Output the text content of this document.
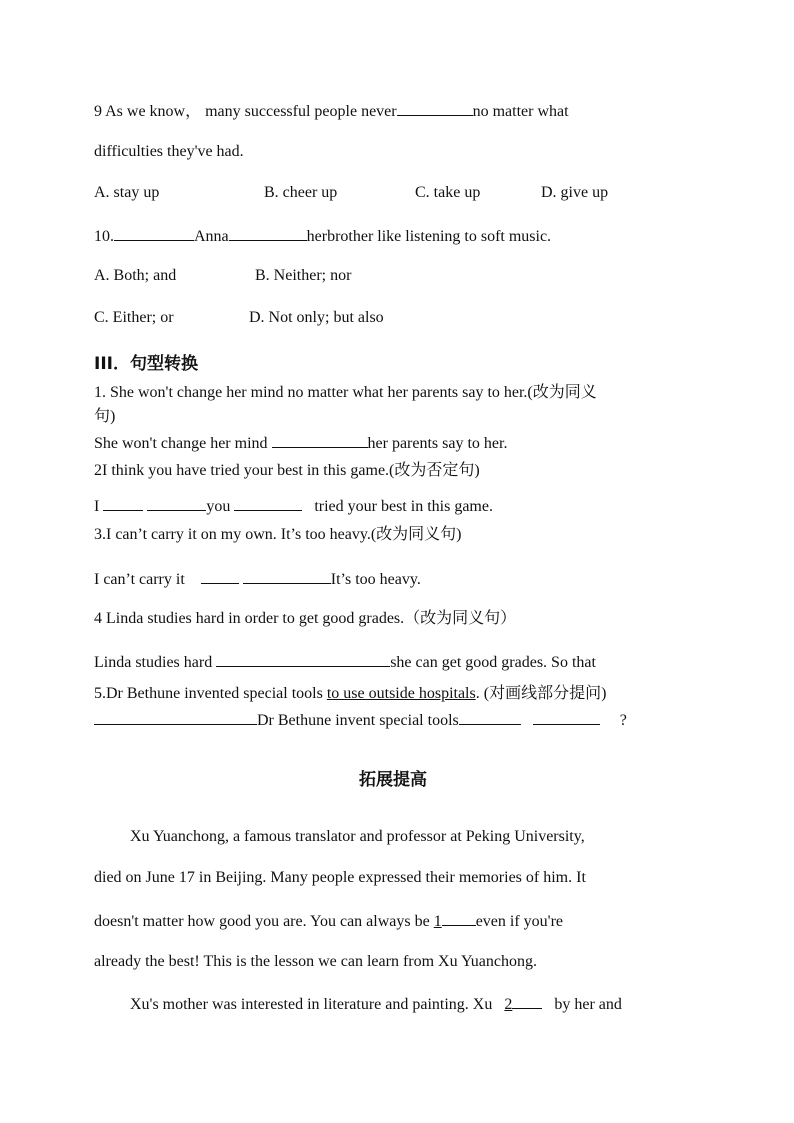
9 As we know， many successful people never	no matter what
difficulties they've had.
A. stay up	B. cheer up	C. take up	D. give up
10.	Anna	herbrother like listening to soft music.
A. Both; and	B. Neither; nor
C. Either; or	D. Not only; but also
III．句型转换
1. She won't change her mind no matter what her parents say to her.(改为同义
句)
She won't change her mind	her parents say to her.
2I think you have tried your best in this game.(改为否定句)
I	you	tried your best in this game.
3.I can’t carry it on my own. It’s too heavy.(改为同义句)
I can’t carry it	It’s too heavy.
4 Linda studies hard in order to get good grades.（改为同义句）
Linda studies hard	she can get good grades. So that
5.Dr Bethune invented special tools to use outside hospitals. (对画线部分提问)
Dr Bethune invent special tools	?
拓展提高
Xu Yuanchong, a famous translator and professor at Peking University,
died on June 17 in Beijing. Many people expressed their memories of him. It
doesn't matter how good you are. You can always be 1 even if you're
already the best! This is the lesson we can learn from Xu Yuanchong.
Xu's mother was interested in literature and painting. Xu 2	by her and
